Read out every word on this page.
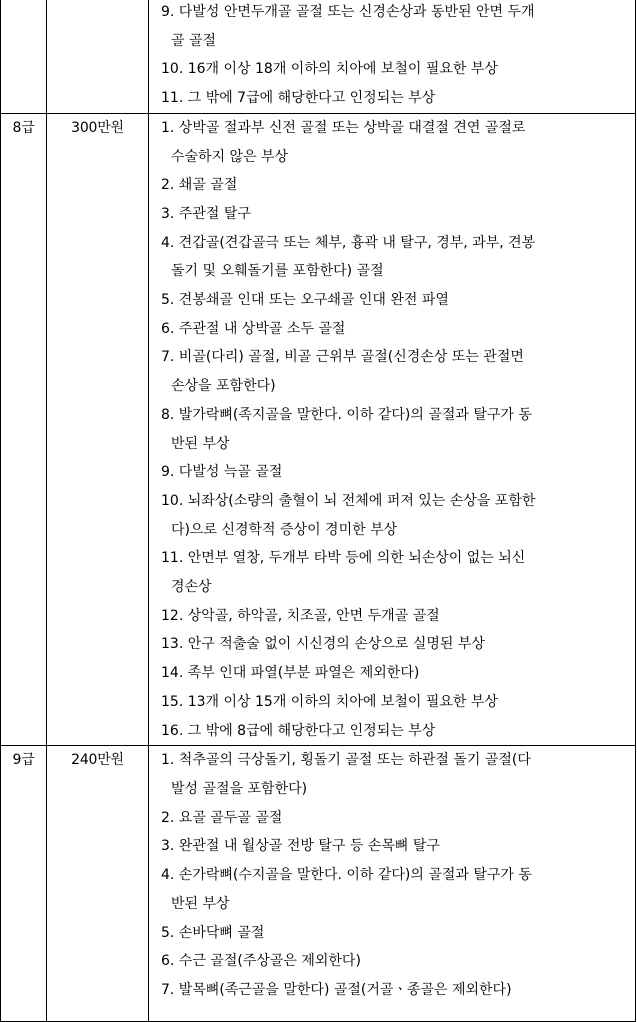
		9. 다발성 안면두개골 골절 또는 신경손상과 동반된 안면 두개
골 골절
10. 16개 이상 18개 이하의 치아에 보철이 필요한 부상
11. 그 밖에 7급에 해당한다고 인정되는 부상

8급	300만원	1. 상박골 절과부 신전 골절 또는 상박골 대결절 견연 골절로
수술하지 않은 부상
2. 쇄골 골절
3. 주관절 탈구
4. 견갑골(견갑골극 또는 체부, 흉곽 내 탈구, 경부, 과부, 견봉
돌기 및 오훼돌기를 포함한다) 골절
5. 견봉쇄골 인대 또는 오구쇄골 인대 완전 파열
6. 주관절 내 상박골 소두 골절
7. 비골(다리) 골절, 비골 근위부 골절(신경손상 또는 관절면
손상을 포함한다)
8. 발가락뼈(족지골을 말한다. 이하 같다)의 골절과 탈구가 동
반된 부상
9. 다발성 늑골 골절
10. 뇌좌상(소량의 출혈이 뇌 전체에 퍼져 있는 손상을 포함한
다)으로 신경학적 증상이 경미한 부상
11. 안면부 열창, 두개부 타박 등에 의한 뇌손상이 없는 뇌신
경손상
12. 상악골, 하악골, 치조골, 안면 두개골 골절
13. 안구 적출술 없이 시신경의 손상으로 실명된 부상
14. 족부 인대 파열(부분 파열은 제외한다)
15. 13개 이상 15개 이하의 치아에 보철이 필요한 부상
16. 그 밖에 8급에 해당한다고 인정되는 부상

9급	240만원	1. 척추골의 극상돌기, 횡돌기 골절 또는 하관절 돌기 골절(다
발성 골절을 포함한다)
2. 요골 골두골 골절
3. 완관절 내 월상골 전방 탈구 등 손목뼈 탈구
4. 손가락뼈(수지골을 말한다. 이하 같다)의 골절과 탈구가 동
반된 부상
5. 손바닥뼈 골절
6. 수근 골절(주상골은 제외한다)
7. 발목뼈(족근골을 말한다) 골절(거골ㆍ종골은 제외한다)
